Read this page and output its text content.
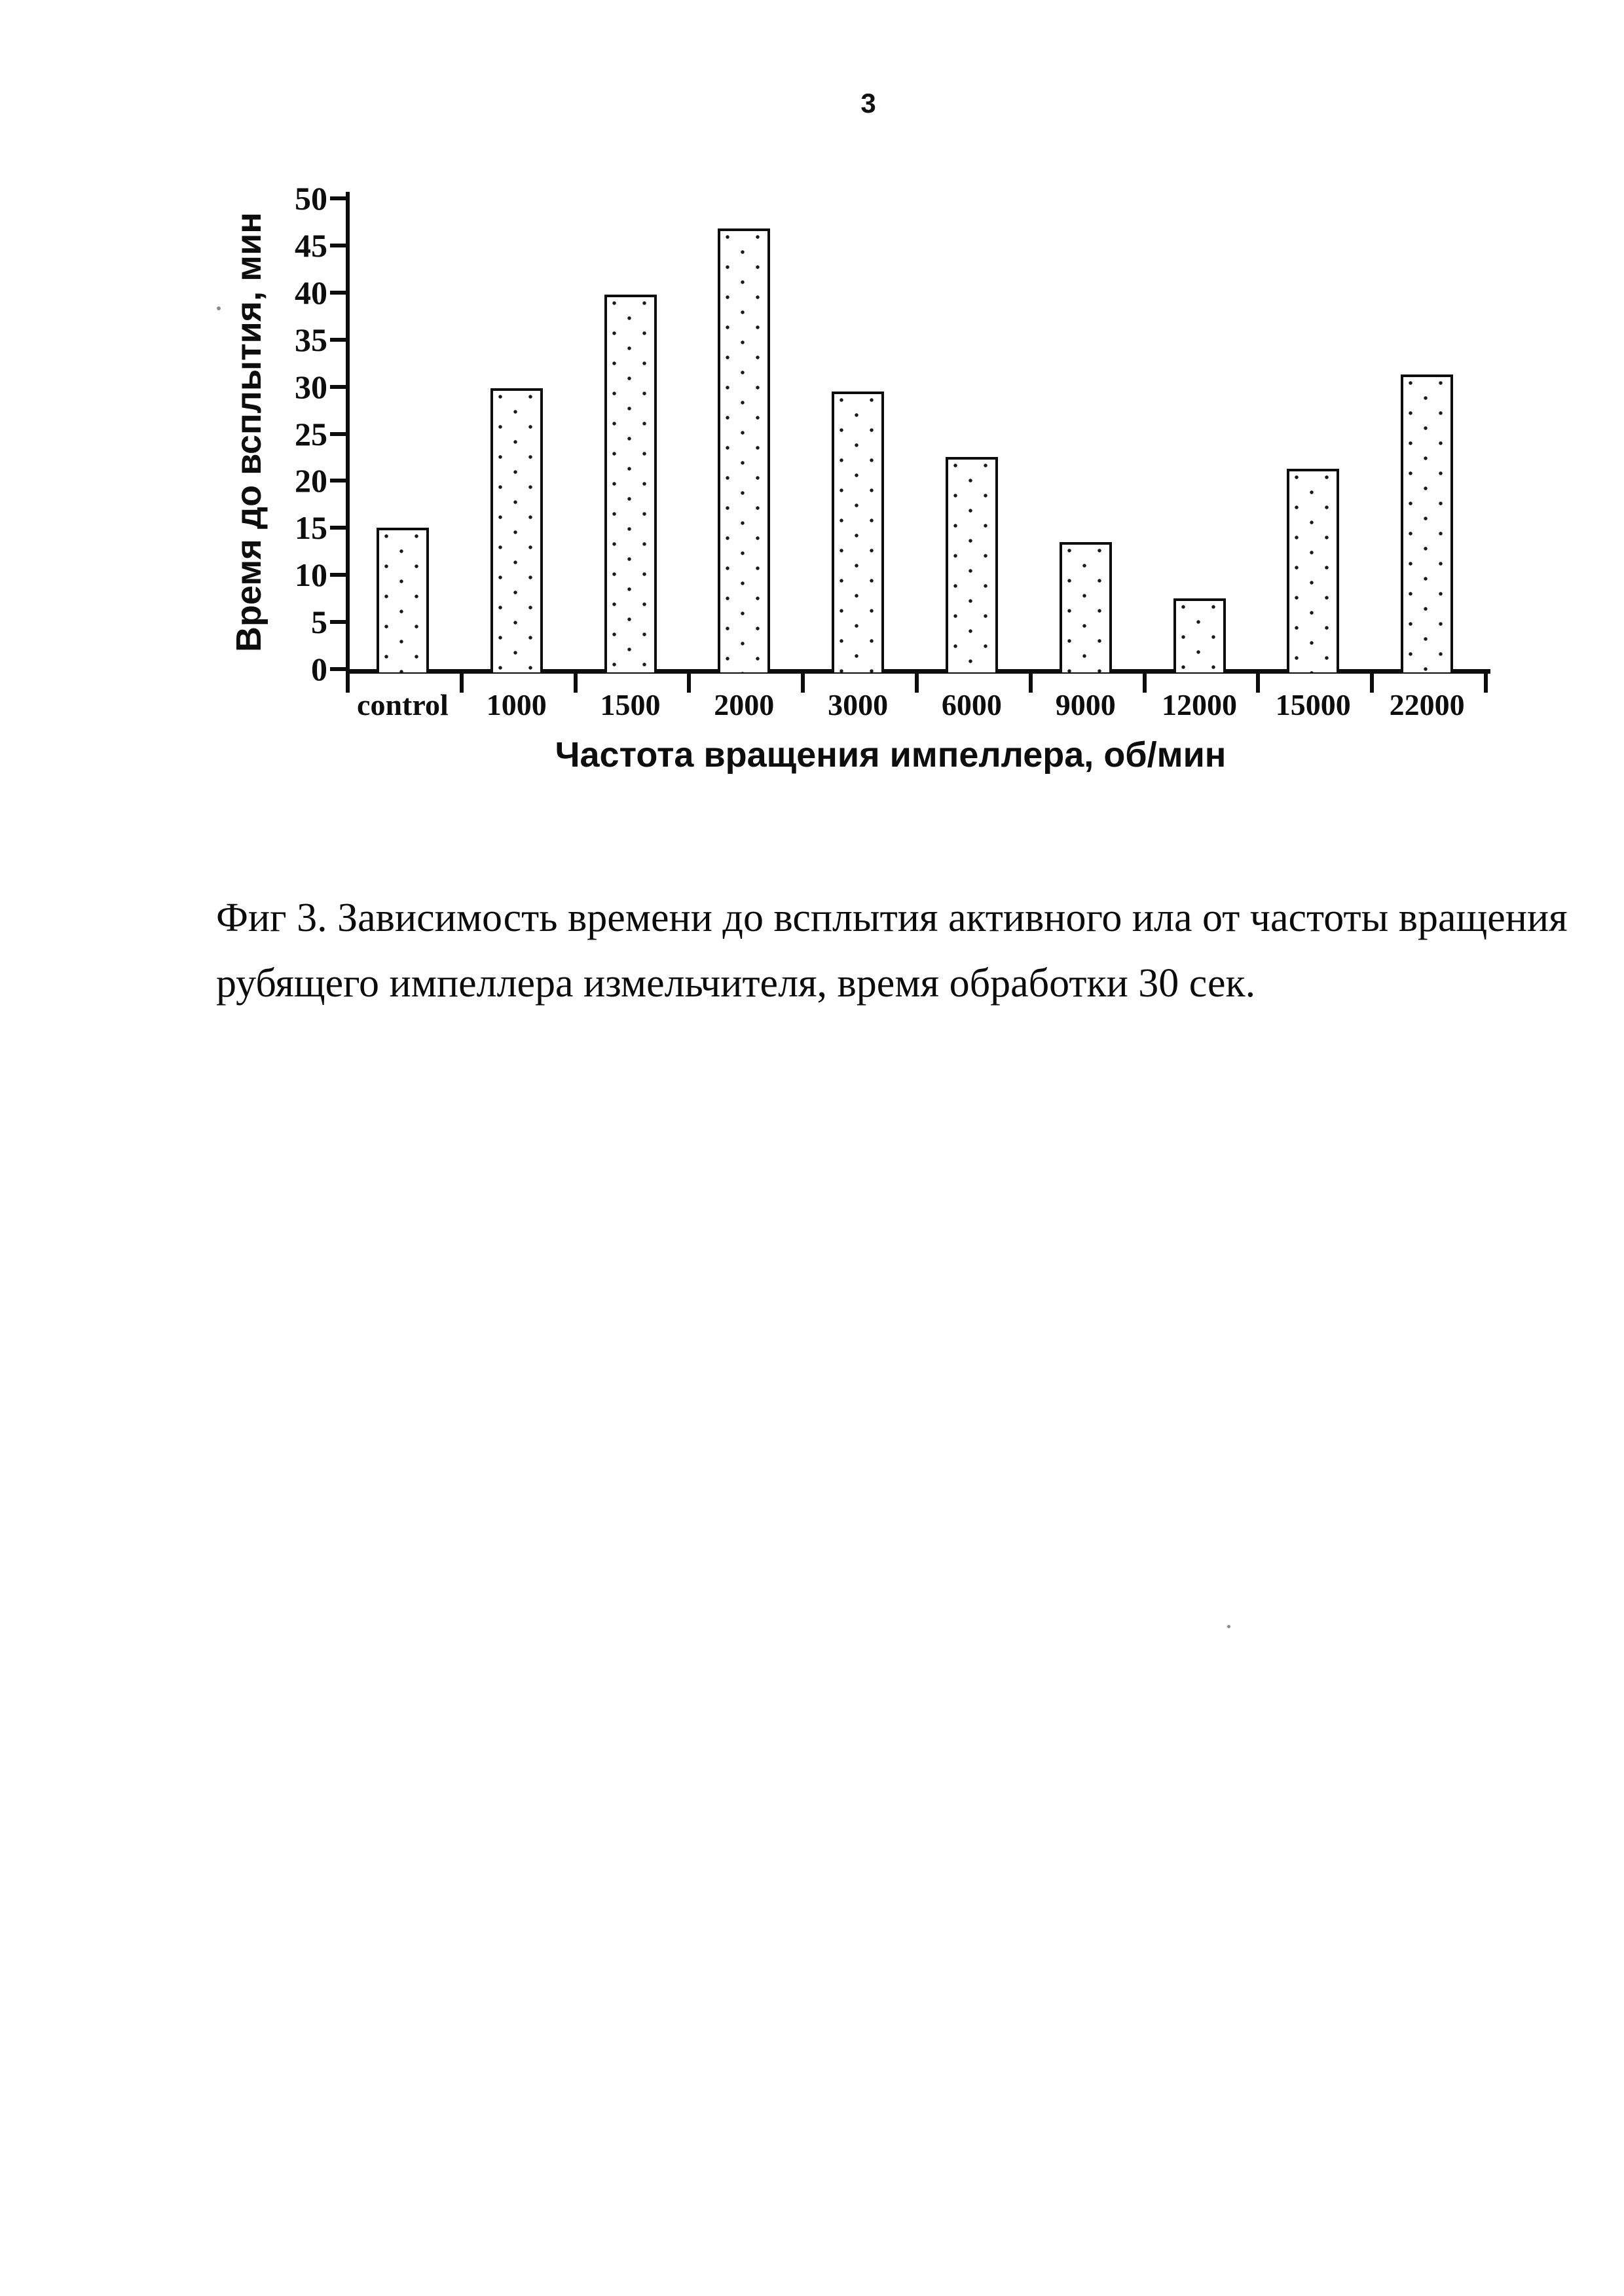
3
Время до всплытия, мин
0
5
10
15
20
25
30
35
40
45
50
control	1000	1500	2000	3000	6000	9000	12000	15000	22000
Частота вращения импеллера, об/мин

Фиг 3. Зависимость времени до всплытия активного ила от частоты вращения
рубящего импеллера измельчителя, время обработки 30 сек.
